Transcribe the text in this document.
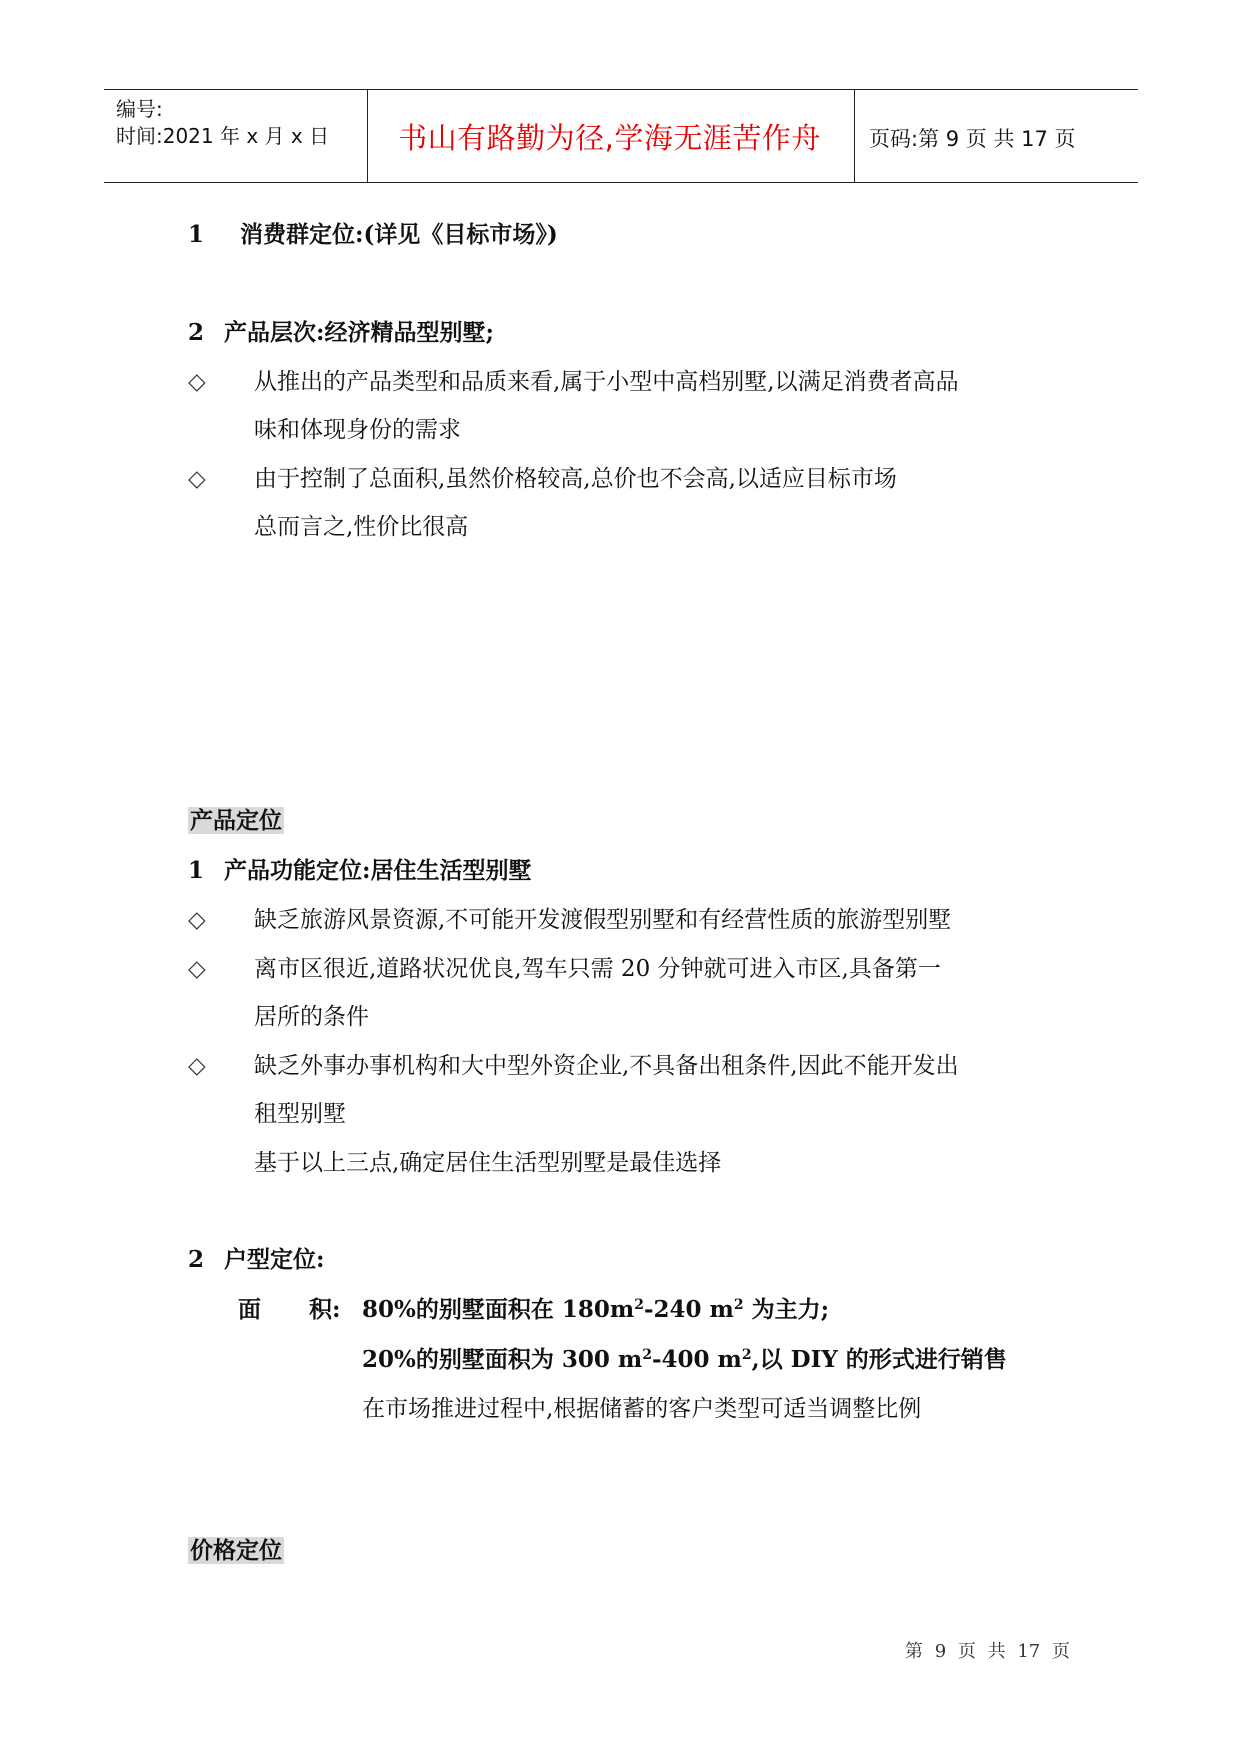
编号:
时间:2021 年 x 月 x 日	书山有路勤为径,学海无涯苦作舟	页码:第 9 页 共 17 页
1 消费群定位:(详见《目标市场》)
2 产品层次:经济精品型别墅;
◇ 从推出的产品类型和品质来看,属于小型中高档别墅,以满足消费者高品
味和体现身份的需求
◇ 由于控制了总面积,虽然价格较高,总价也不会高,以适应目标市场
总而言之,性价比很高
产品定位
1 产品功能定位:居住生活型别墅
◇ 缺乏旅游风景资源,不可能开发渡假型别墅和有经营性质的旅游型别墅
◇ 离市区很近,道路状况优良,驾车只需 20 分钟就可进入市区,具备第一
居所的条件
◇ 缺乏外事办事机构和大中型外资企业,不具备出租条件,因此不能开发出
租型别墅
基于以上三点,确定居住生活型别墅是最佳选择
2 户型定位:
面      积: 80%的别墅面积在 $180m^2-240$ $m^2$ 为主力;
20%的别墅面积为 300 $m^2-400$ $m^2$,以 DIY 的形式进行销售
在市场推进过程中,根据储蓄的客户类型可适当调整比例
价格定位
第 9 页 共 17 页
